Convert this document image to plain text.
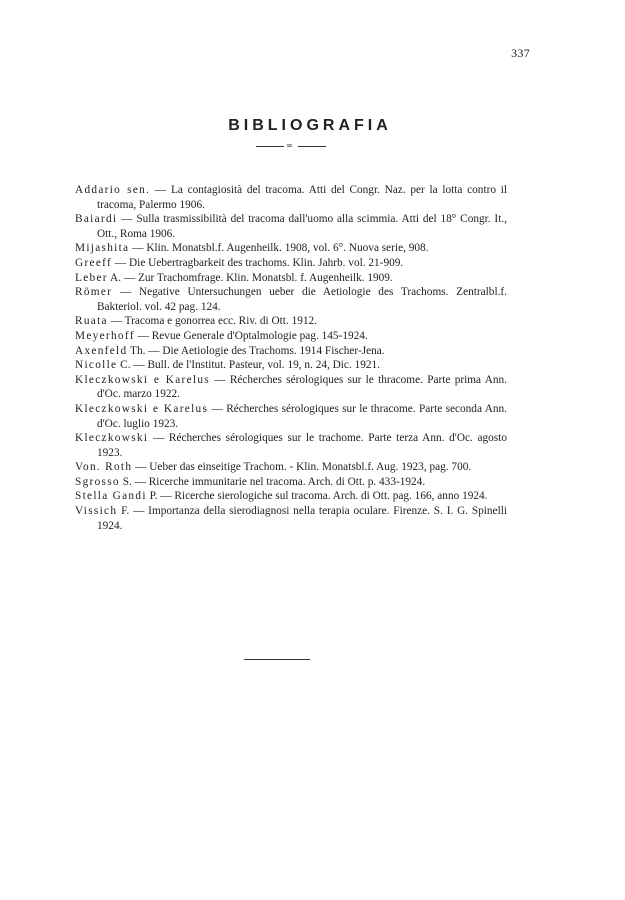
337
BIBLIOGRAFIA
∞
Addario sen. — La contagiosità del tracoma. Atti del Congr. Naz. per la lotta contro il tracoma, Palermo 1906.
Baiardi — Sulla trasmissibilità del tracoma dall'uomo alla scimmia. Atti del 18° Congr. It., Ott., Roma 1906.
Mijashita — Klin. Monatsbl.f. Augenheilk. 1908, vol. 6°. Nuova serie, 908.
Greeff — Die Uebertragbarkeit des trachoms. Klin. Jahrb. vol. 21-909.
Leber A. — Zur Trachomfrage. Klin. Monatsbl. f. Augenheilk. 1909.
Römer — Negative Untersuchungen ueber die Aetiologie des Trachoms. Zentralbl.f. Bakteriol. vol. 42 pag. 124.
Ruata — Tracoma e gonorrea ecc. Riv. di Ott. 1912.
Meyerhoff — Revue Generale d'Optalmologie pag. 145-1924.
Axenfeld Th. — Die Aetiologie des Trachoms. 1914 Fischer-Jena.
Nicolle C. — Bull. de l'Institut. Pasteur, vol. 19, n. 24, Dic. 1921.
Kleczkowski e Karelus — Récherches sérologiques sur le thracome. Parte prima Ann. d'Oc. marzo 1922.
Kleczkowski e Karelus — Récherches sérologiques sur le thracome. Parte seconda Ann. d'Oc. luglio 1923.
Kleczkowski — Récherches sérologiques sur le trachome. Parte terza Ann. d'Oc. agosto 1923.
Von. Roth — Ueber das einseitige Trachom. - Klin. Monatsbl.f. Aug. 1923, pag. 700.
Sgrosso S. — Ricerche immunitarie nel tracoma. Arch. di Ott. p. 433-1924.
Stella Gandi P. — Ricerche sierologiche sul tracoma. Arch. di Ott. pag. 166, anno 1924.
Vissich F. — Importanza della sierodiagnosi nella terapia oculare. Firenze. S. I. G. Spinelli 1924.
